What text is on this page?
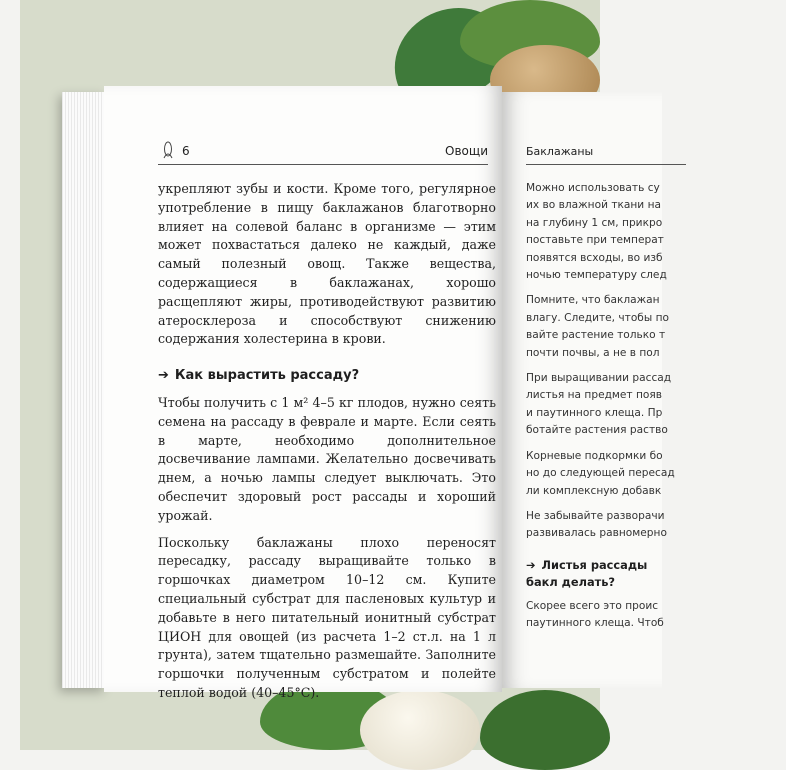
6	Овощи

укрепляют зубы и кости. Кроме того, регулярное употребление в пищу баклажанов благотворно влияет на солевой баланс в организме — этим может похвастаться далеко не каждый, даже самый полезный овощ. Также вещества, содержащиеся в баклажанах, хорошо расщепляют жиры, противодействуют развитию атеросклероза и способствуют снижению содержания холестерина в крови.

➔ Как вырастить рассаду?

Чтобы получить с 1 м² 4–5 кг плодов, нужно сеять семена на рассаду в феврале и марте. Если сеять в марте, необходимо дополнительное досвечивание лампами. Желательно досвечивать днем, а ночью лампы следует выключать. Это обеспечит здоровый рост рассады и хороший урожай.

Поскольку баклажаны плохо переносят пересадку, рассаду выращивайте только в горшочках диаметром 10–12 см. Купите специальный субстрат для пасленовых культур и добавьте в него питательный ионитный субстрат ЦИОН для овощей (из расчета 1–2 ст.л. на 1 л грунта), затем тщательно размешайте. Заполните горшочки полученным субстратом и полейте теплой водой (40–45°С).

Баклажаны

Можно использовать су
их во влажной ткани на
на глубину 1 см, прикро
поставьте при температ
появятся всходы, во изб
ночью температуру след

Помните, что баклажан
влагу. Следите, чтобы по
вайте растение только т
почти почвы, а не в пол

При выращивании рассад
листья на предмет появ
и паутинного клеща. Пр
ботайте растения раство

Корневые подкормки бо
но до следующей пересад
ли комплексную добавк

Не забывайте разворачи
развивалась равномерно

➔ Листья рассады бакл делать?

Скорее всего это проис
паутинного клеща. Чтоб
